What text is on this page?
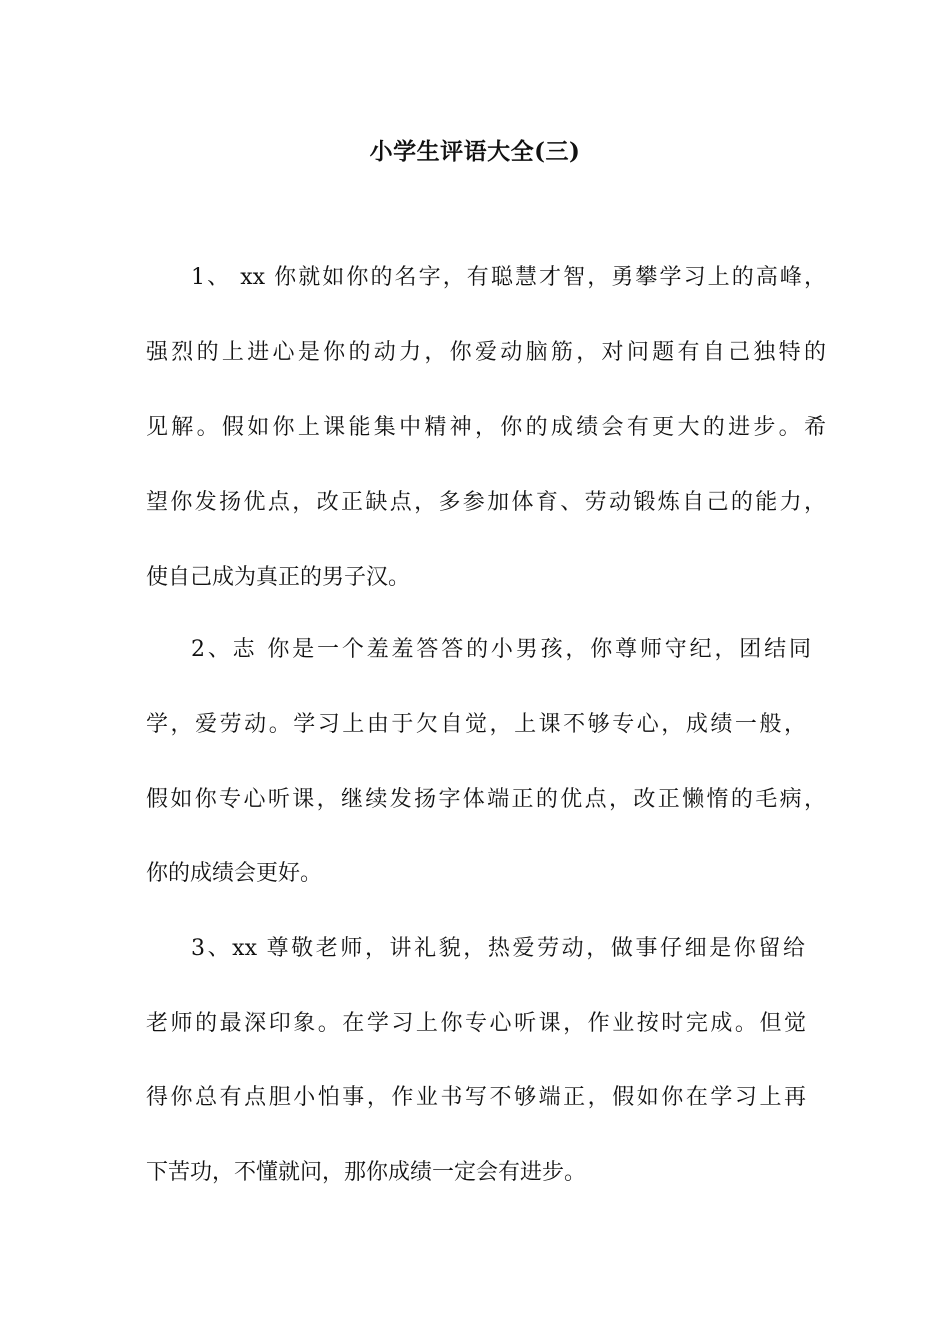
小学生评语大全(三)
1、 xx 你就如你的名字，有聪慧才智，勇攀学习上的高峰，
强烈的上进心是你的动力，你爱动脑筋，对问题有自己独特的
见解。假如你上课能集中精神，你的成绩会有更大的进步。希
望你发扬优点，改正缺点，多参加体育、劳动锻炼自己的能力，
使自己成为真正的男子汉。
2、志 你是一个羞羞答答的小男孩，你尊师守纪，团结同
学，爱劳动。学习上由于欠自觉，上课不够专心，成绩一般，
假如你专心听课，继续发扬字体端正的优点，改正懒惰的毛病，
你的成绩会更好。
3、xx 尊敬老师，讲礼貌，热爱劳动，做事仔细是你留给
老师的最深印象。在学习上你专心听课，作业按时完成。但觉
得你总有点胆小怕事，作业书写不够端正，假如你在学习上再
下苦功，不懂就问，那你成绩一定会有进步。
